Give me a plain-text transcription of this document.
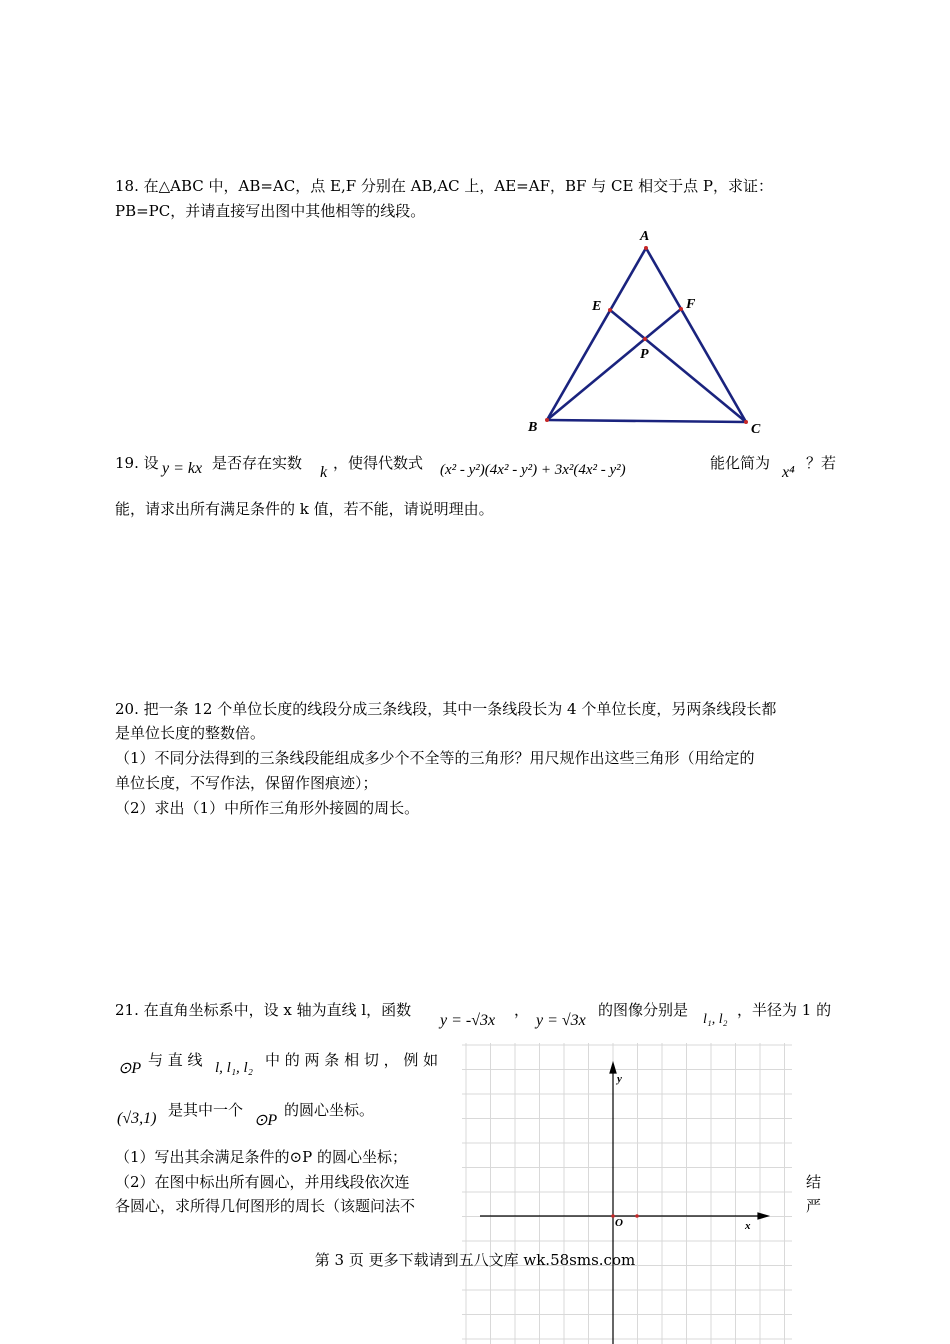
18. 在△ABC 中，AB=AC，点 E,F 分别在 AB,AC 上，AE=AF，BF 与 CE 相交于点 P，求证：
PB=PC，并请直接写出图中其他相等的线段。
A
B	C
E	F
P
19. 设 y = kx 是否存在实数
k
，使得代数式 (x² - y²)(4x² - y²) + 3x²(4x² - y²)	能化简为
x⁴
？若
能，请求出所有满足条件的 k 值，若不能，请说明理由。
20. 把一条 12 个单位长度的线段分成三条线段，其中一条线段长为 4 个单位长度，另两条线段长都
是单位长度的整数倍。
（1）不同分法得到的三条线段能组成多少个不全等的三角形？用尺规作出这些三角形（用给定的
单位长度，不写作法，保留作图痕迹）；
（2）求出（1）中所作三角形外接圆的周长。
21. 在直角坐标系中，设 x 轴为直线 l，函数
y = -√3x
，
y = √3x
的图像分别是
l₁, l₂
，半径为 1 的
⊙P 与 直 线 l, l₁, l₂ 中 的 两 条 相 切 ， 例 如
(√3,1) 是其中一个
⊙P
的圆心坐标。
（1）写出其余满足条件的⊙P 的圆心坐标；
（2）在图中标出所有圆心，并用线段依次连	结
各圆心，求所得几何图形的周长（该题问法不	严
O	x
y
第 3 页 更多下载请到五八文库 wk.58sms.com
